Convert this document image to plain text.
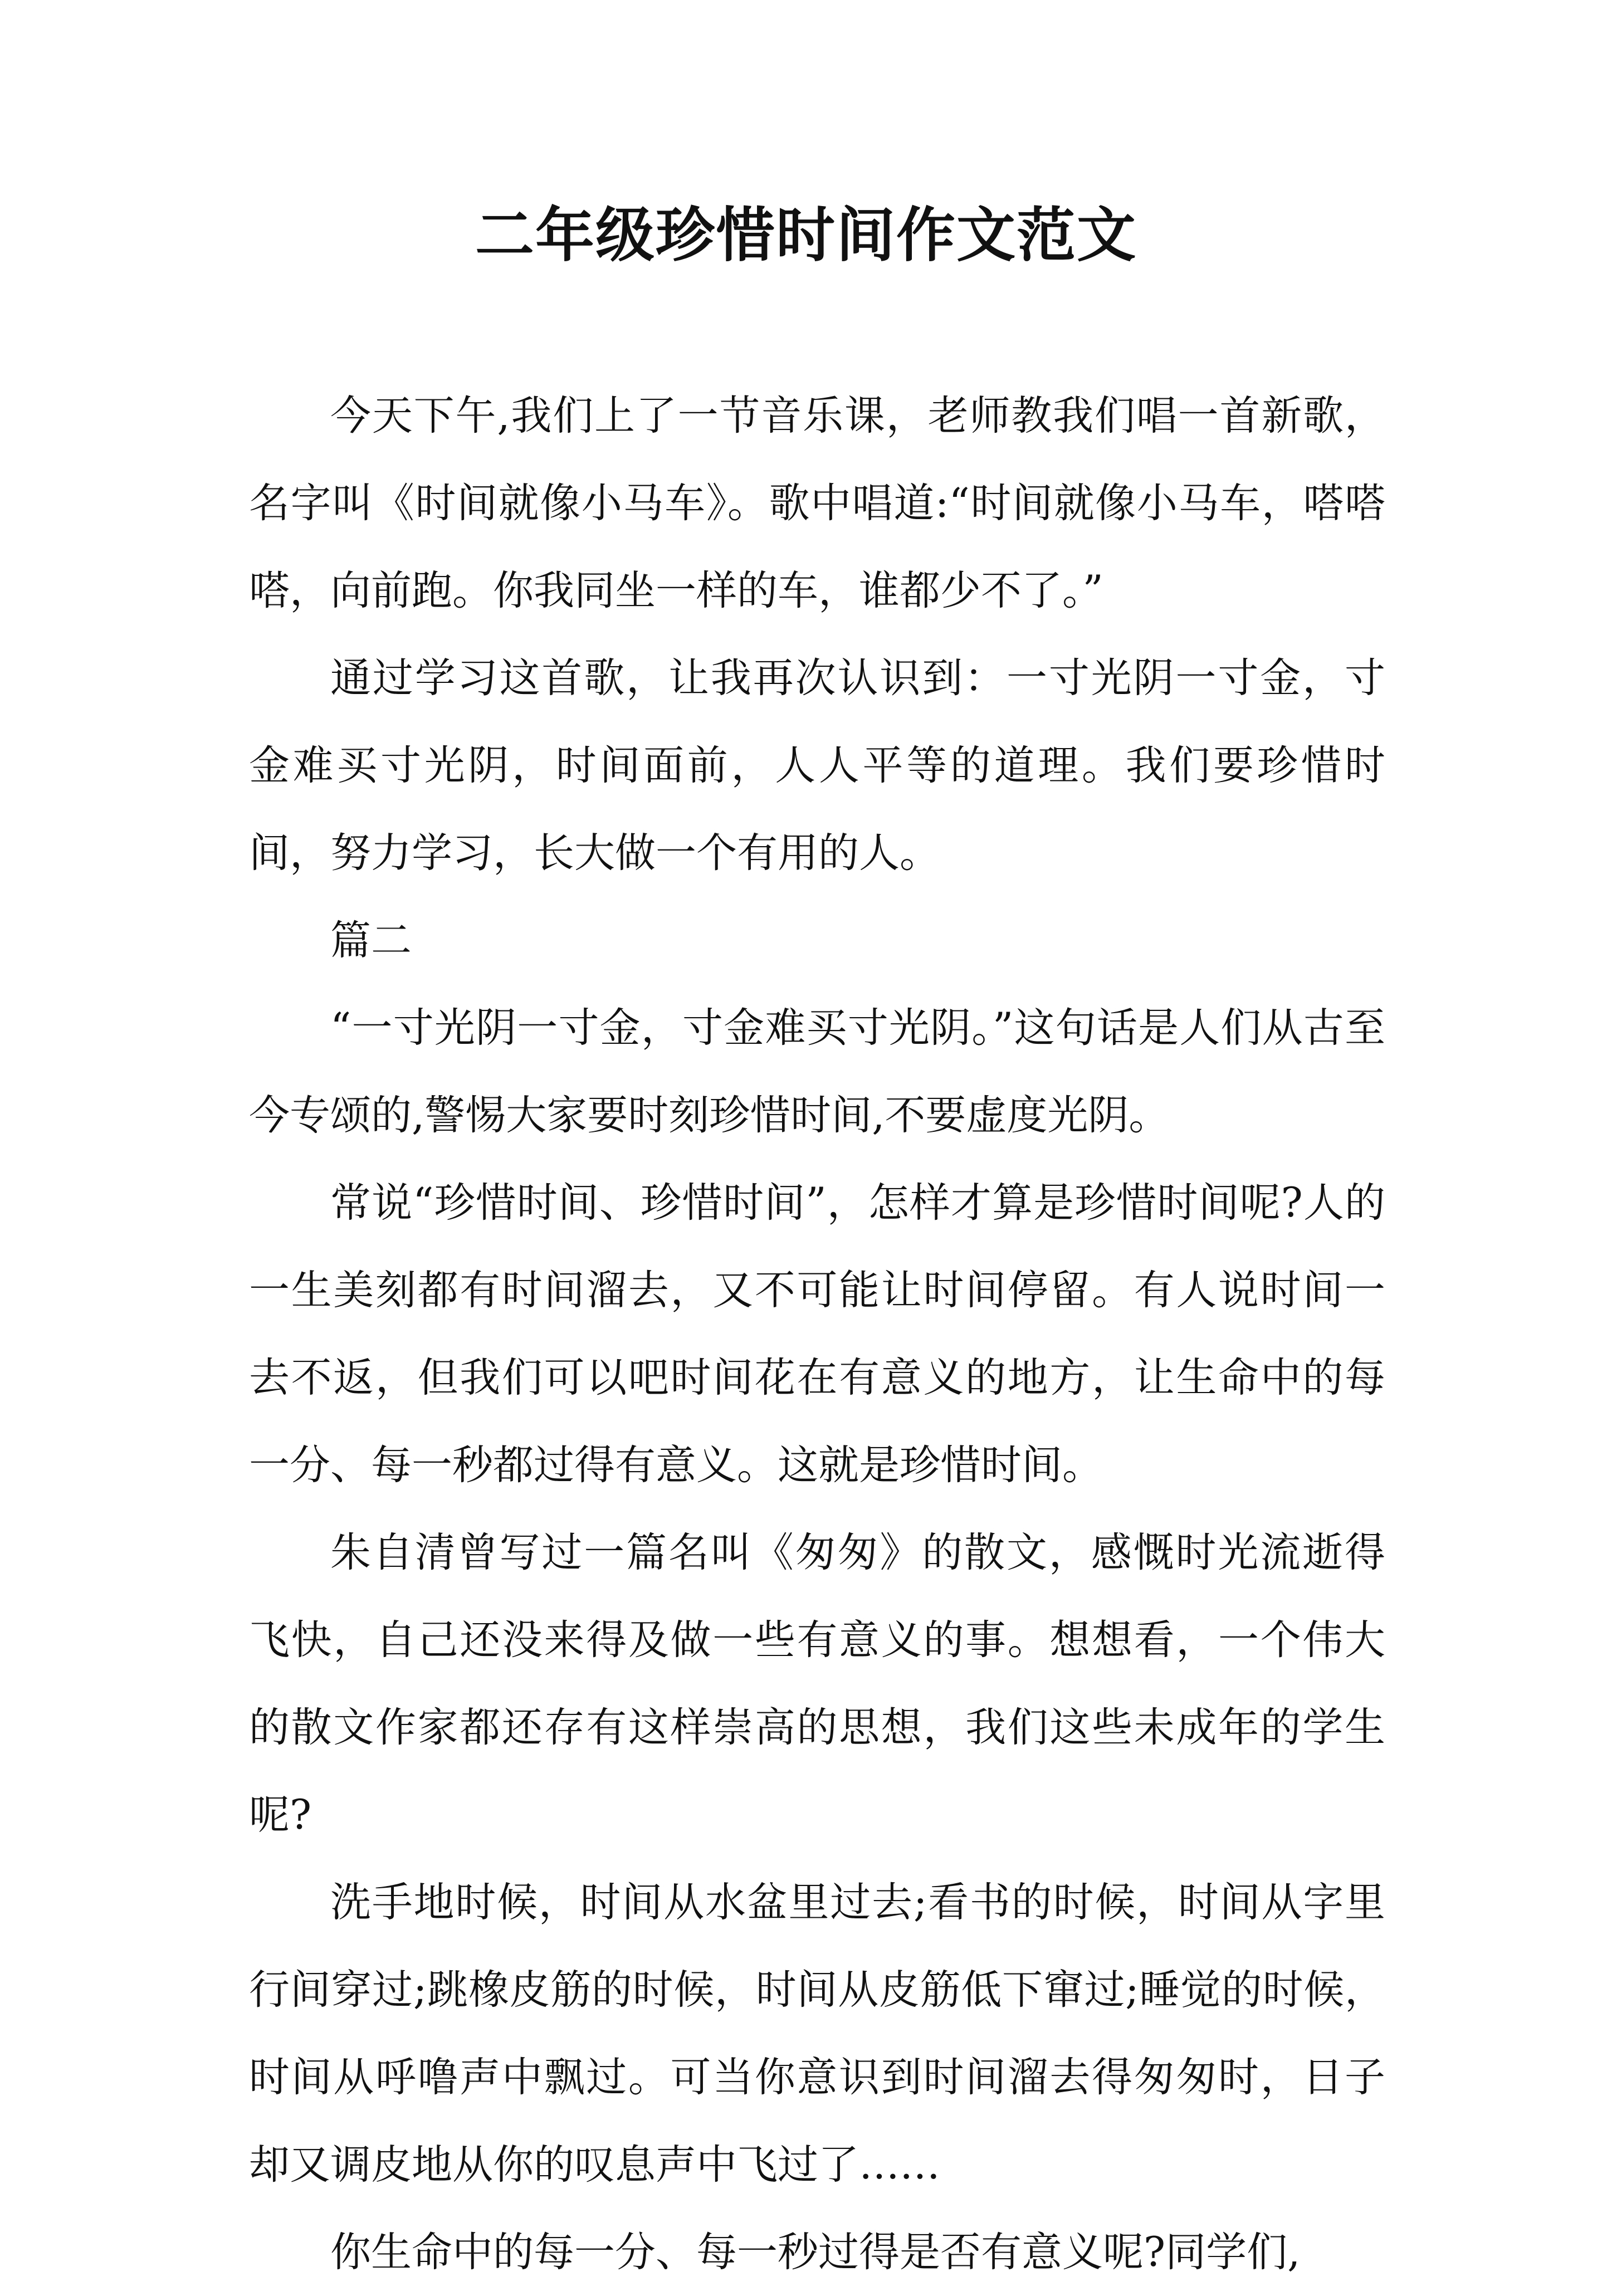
二年级珍惜时间作文范文

今天下午,我们上了一节音乐课，老师教我们唱一首新歌，名字叫《时间就像小马车》。歌中唱道:“时间就像小马车，嗒嗒嗒，向前跑。你我同坐一样的车，谁都少不了。”

通过学习这首歌，让我再次认识到：一寸光阴一寸金，寸金难买寸光阴，时间面前，人人平等的道理。我们要珍惜时间，努力学习，长大做一个有用的人。

篇二

“一寸光阴一寸金，寸金难买寸光阴。”这句话是人们从古至今专颂的,警惕大家要时刻珍惜时间,不要虚度光阴。

常说“珍惜时间、珍惜时间”，怎样才算是珍惜时间呢?人的一生美刻都有时间溜去，又不可能让时间停留。有人说时间一去不返，但我们可以吧时间花在有意义的地方，让生命中的每一分、每一秒都过得有意义。这就是珍惜时间。

朱自清曾写过一篇名叫《匆匆》的散文，感慨时光流逝得飞快，自己还没来得及做一些有意义的事。想想看，一个伟大的散文作家都还存有这样崇高的思想，我们这些未成年的学生呢?

洗手地时候，时间从水盆里过去;看书的时候，时间从字里行间穿过;跳橡皮筋的时候，时间从皮筋低下窜过;睡觉的时候，时间从呼噜声中飘过。可当你意识到时间溜去得匆匆时，日子却又调皮地从你的叹息声中飞过了……

你生命中的每一分、每一秒过得是否有意义呢?同学们,
